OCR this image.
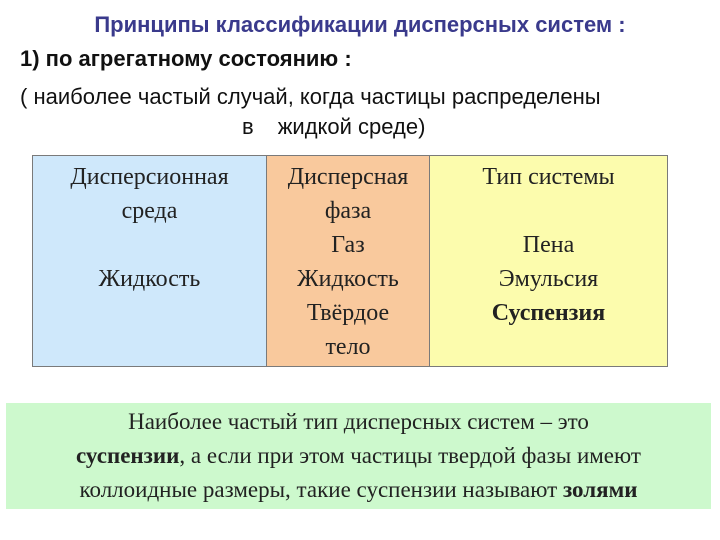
Принципы классификации дисперсных систем :
1) по агрегатному состоянию :
( наиболее частый случай, когда частицы распределены
в жидкой среде)
Дисперсионная
среда
Жидкость
Дисперсная
фаза
Газ
Жидкость
Твёрдое
тело
Тип системы
Пена
Эмульсия
Суспензия
Наиболее частый тип дисперсных систем – это
суспензии, а если при этом частицы твердой фазы имеют
коллоидные размеры, такие суспензии называют золями
